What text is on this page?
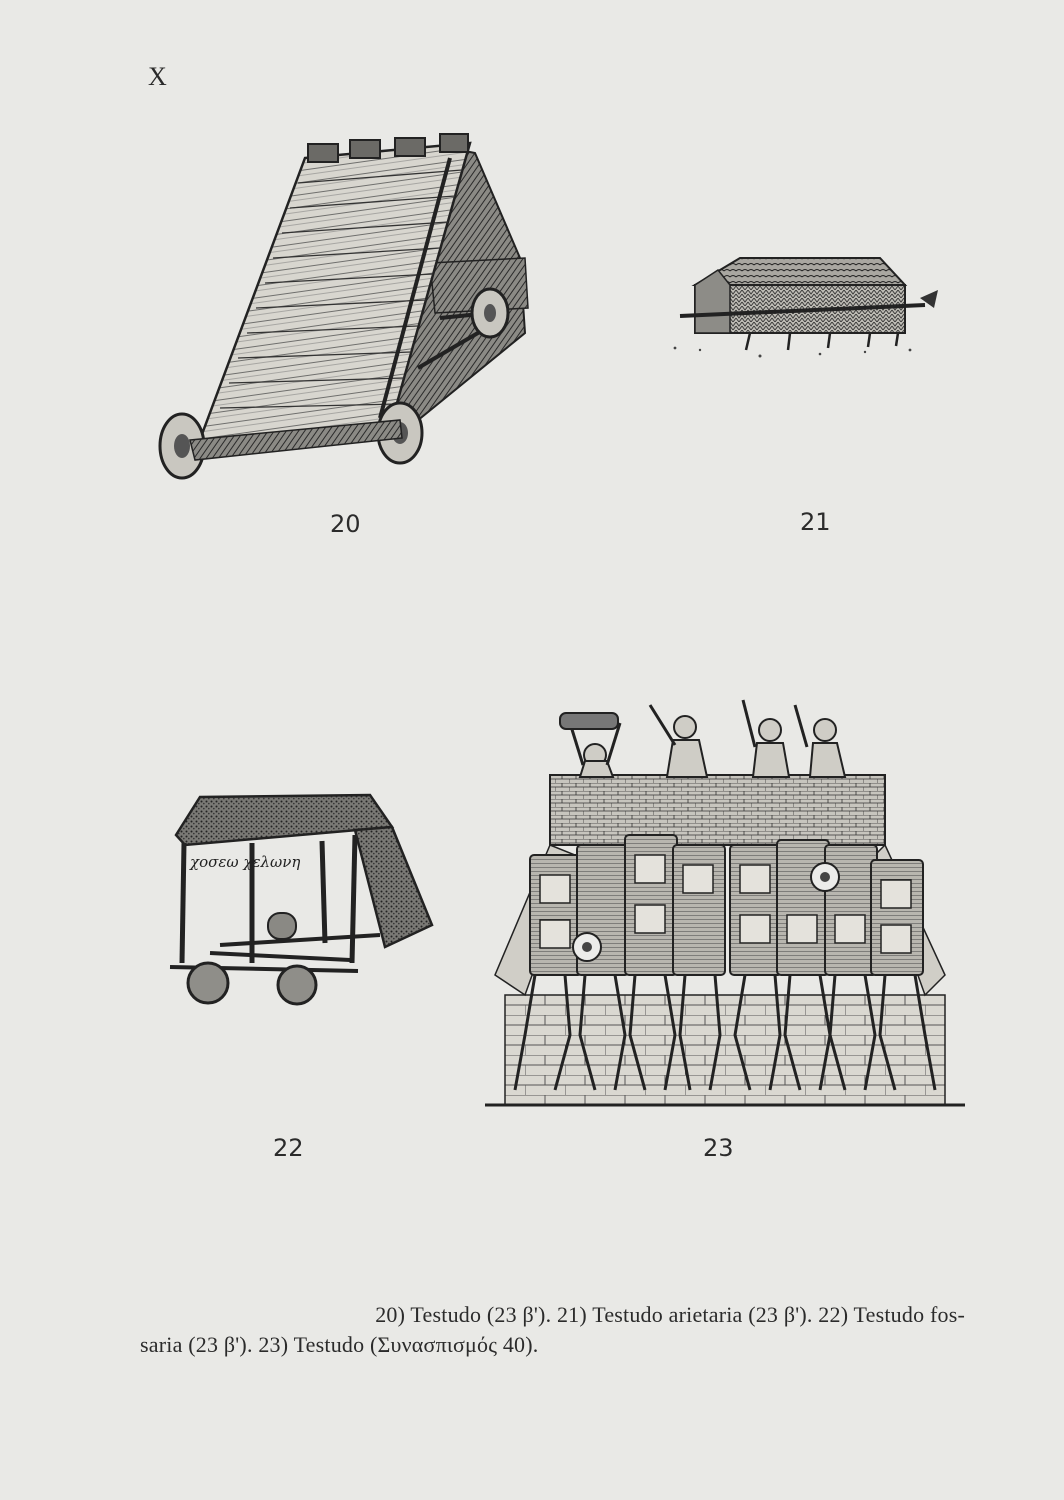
X
20	21
χοσεω χελωνη
22	23
20) Testudo (23 β'). 21) Testudo arietaria (23 β'). 22) Testudo fos-
saria (23 β'). 23) Testudo (Συνασπισμός 40).
